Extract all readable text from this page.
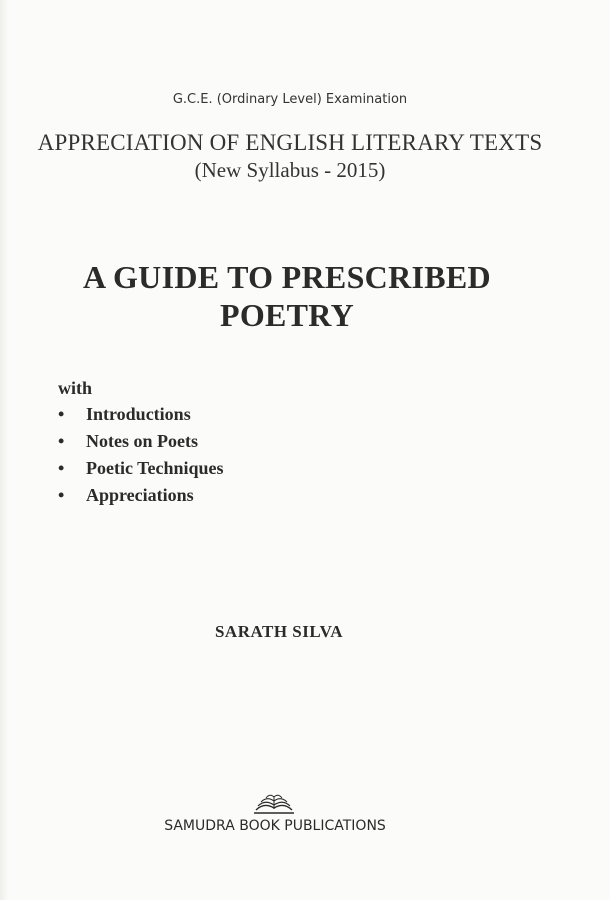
G.C.E. (Ordinary Level) Examination
APPRECIATION OF ENGLISH LITERARY TEXTS
(New Syllabus - 2015)
A GUIDE TO PRESCRIBED
POETRY
with
• Introductions
• Notes on Poets
• Poetic Techniques
• Appreciations
SARATH SILVA
SAMUDRA BOOK PUBLICATIONS
